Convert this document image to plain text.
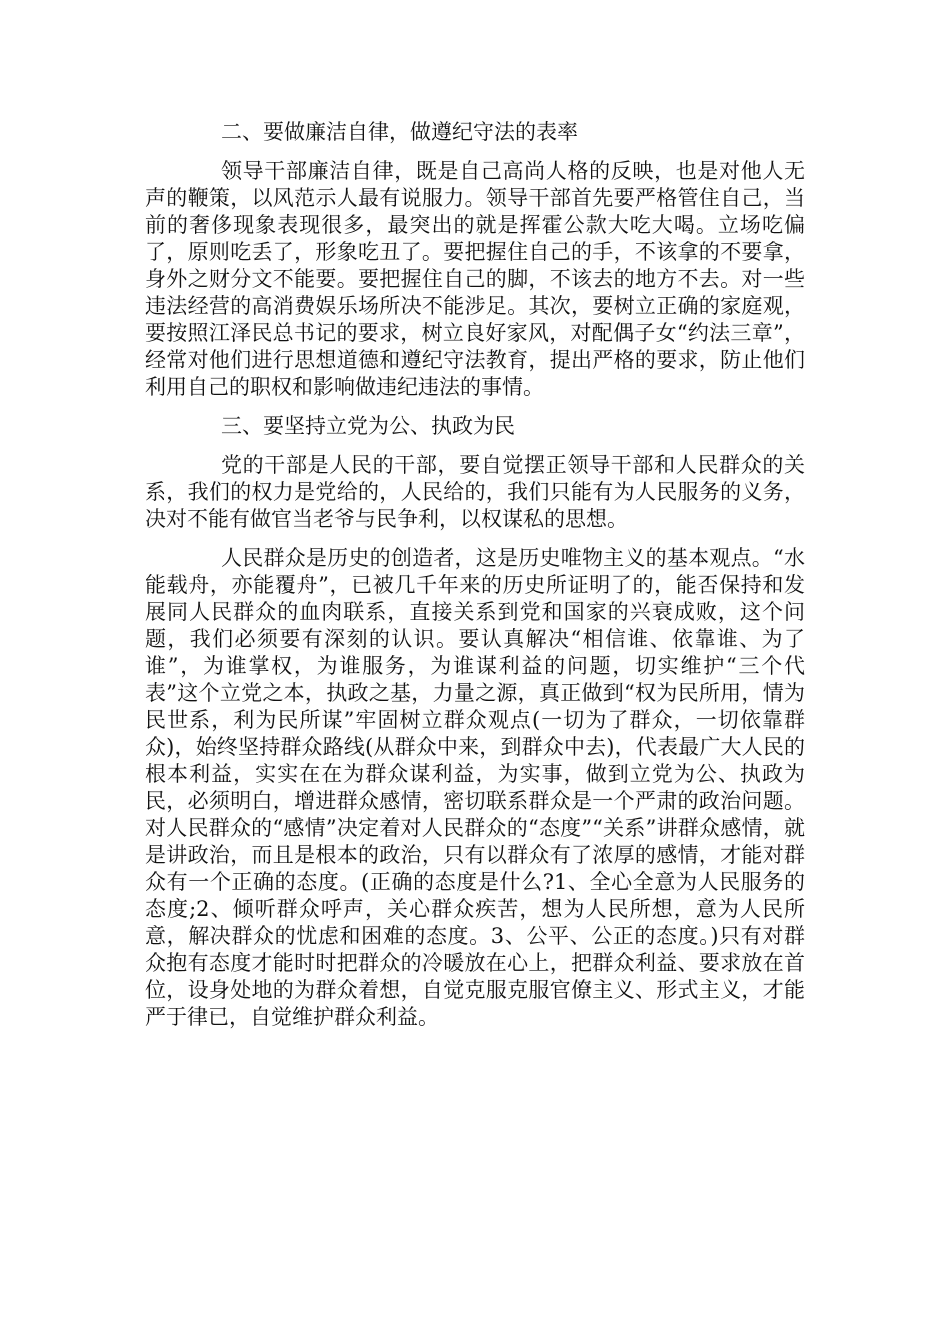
二、要做廉洁自律，做遵纪守法的表率

领导干部廉洁自律，既是自己高尚人格的反映，也是对他人无声的鞭策，以风范示人最有说服力。领导干部首先要严格管住自己，当前的奢侈现象表现很多，最突出的就是挥霍公款大吃大喝。立场吃偏了，原则吃丢了，形象吃丑了。要把握住自己的手，不该拿的不要拿，身外之财分文不能要。要把握住自己的脚，不该去的地方不去。对一些违法经营的高消费娱乐场所决不能涉足。其次，要树立正确的家庭观，要按照江泽民总书记的要求，树立良好家风，对配偶子女“约法三章”，经常对他们进行思想道德和遵纪守法教育，提出严格的要求，防止他们利用自己的职权和影响做违纪违法的事情。

三、要坚持立党为公、执政为民

党的干部是人民的干部，要自觉摆正领导干部和人民群众的关系，我们的权力是党给的，人民给的，我们只能有为人民服务的义务，决对不能有做官当老爷与民争利，以权谋私的思想。

人民群众是历史的创造者，这是历史唯物主义的基本观点。“水能载舟，亦能覆舟”，已被几千年来的历史所证明了的，能否保持和发展同人民群众的血肉联系，直接关系到党和国家的兴衰成败，这个问题，我们必须要有深刻的认识。要认真解决“相信谁、依靠谁、为了谁”，为谁掌权，为谁服务，为谁谋利益的问题，切实维护“三个代表”这个立党之本，执政之基，力量之源，真正做到“权为民所用，情为民世系，利为民所谋”牢固树立群众观点(一切为了群众，一切依靠群众)，始终坚持群众路线(从群众中来，到群众中去)，代表最广大人民的根本利益，实实在在为群众谋利益，为实事，做到立党为公、执政为民，必须明白，增进群众感情，密切联系群众是一个严肃的政治问题。对人民群众的“感情”决定着对人民群众的“态度”“关系”讲群众感情，就是讲政治，而且是根本的政治，只有以群众有了浓厚的感情，才能对群众有一个正确的态度。(正确的态度是什么?1、全心全意为人民服务的态度;2、倾听群众呼声，关心群众疾苦，想为人民所想，意为人民所意，解决群众的忧虑和困难的态度。3、公平、公正的态度。)只有对群众抱有态度才能时时把群众的冷暖放在心上，把群众利益、要求放在首位，设身处地的为群众着想，自觉克服克服官僚主义、形式主义，才能严于律已，自觉维护群众利益。
